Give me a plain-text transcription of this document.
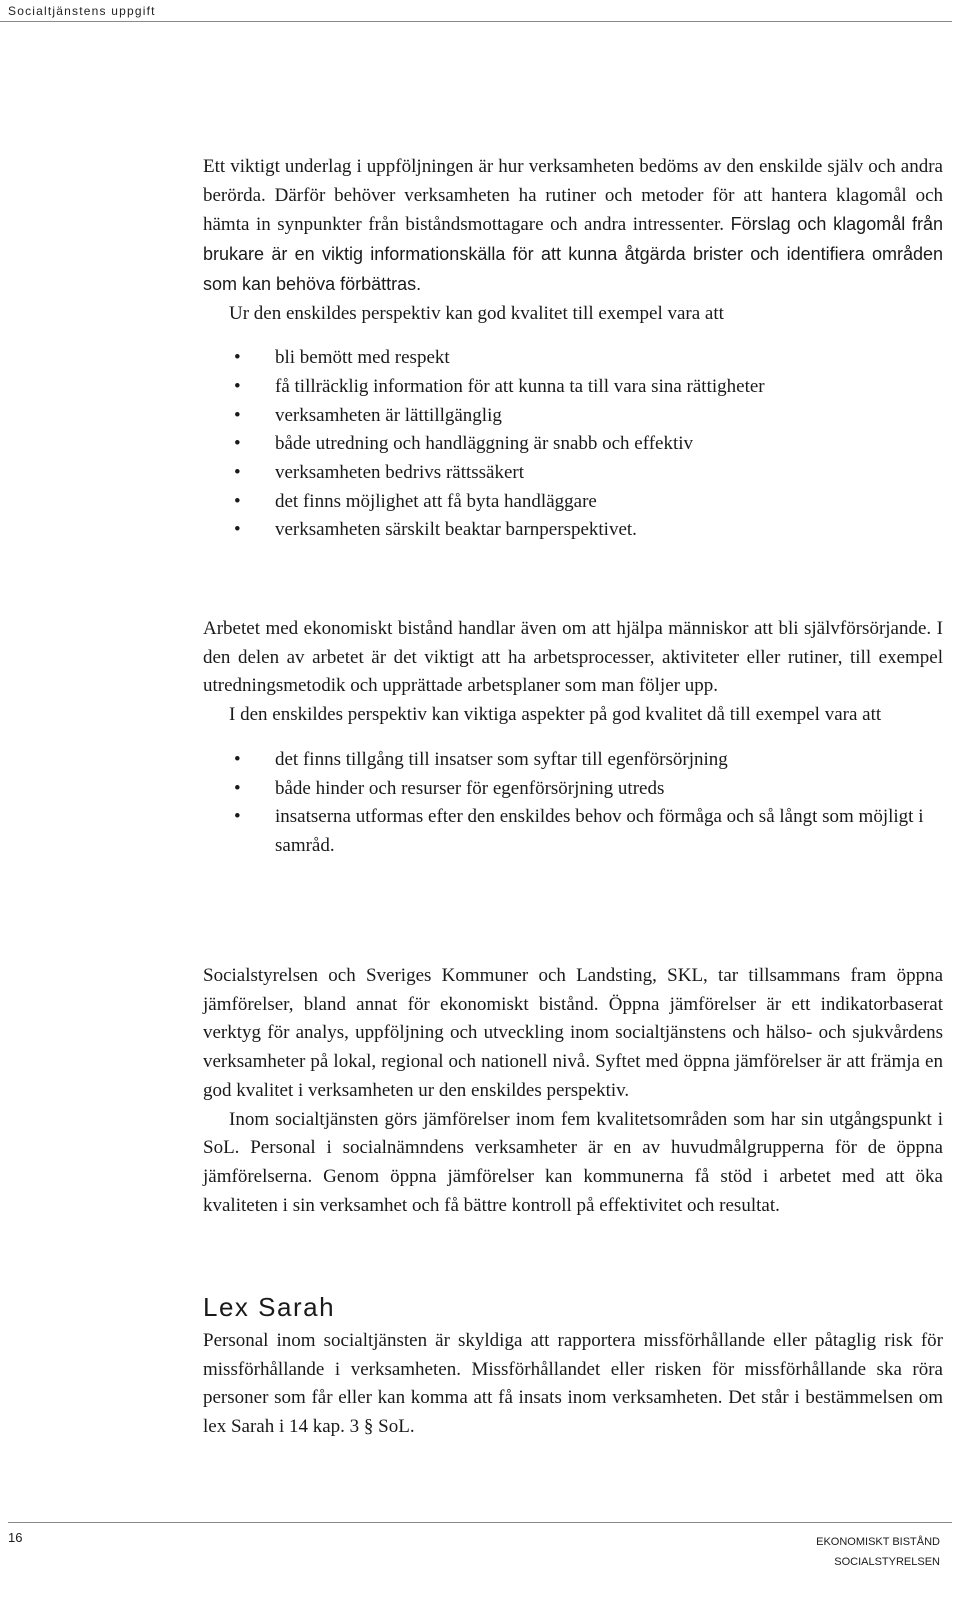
Socialtjänstens uppgift

Ett viktigt underlag i uppföljningen är hur verksamheten bedöms av den enskilde själv och andra berörda. Därför behöver verksamheten ha rutiner och metoder för att hantera klagomål och hämta in synpunkter från biståndsmottagare och andra intressenter. Förslag och klagomål från brukare är en viktig informationskälla för att kunna åtgärda brister och identifiera områden som kan behöva förbättras.

Ur den enskildes perspektiv kan god kvalitet till exempel vara att

• bli bemött med respekt
• få tillräcklig information för att kunna ta till vara sina rättigheter
• verksamheten är lättillgänglig
• både utredning och handläggning är snabb och effektiv
• verksamheten bedrivs rättssäkert
• det finns möjlighet att få byta handläggare
• verksamheten särskilt beaktar barnperspektivet.

Arbetet med ekonomiskt bistånd handlar även om att hjälpa människor att bli självförsörjande. I den delen av arbetet är det viktigt att ha arbetsprocesser, aktiviteter eller rutiner, till exempel utredningsmetodik och upprättade arbetsplaner som man följer upp.

I den enskildes perspektiv kan viktiga aspekter på god kvalitet då till exempel vara att

• det finns tillgång till insatser som syftar till egenförsörjning
• både hinder och resurser för egenförsörjning utreds
• insatserna utformas efter den enskildes behov och förmåga och så långt som möjligt i samråd.

Socialstyrelsen och Sveriges Kommuner och Landsting, SKL, tar tillsammans fram öppna jämförelser, bland annat för ekonomiskt bistånd. Öppna jämförelser är ett indikatorbaserat verktyg för analys, uppföljning och utveckling inom socialtjänstens och hälso- och sjukvårdens verksamheter på lokal, regional och nationell nivå. Syftet med öppna jämförelser är att främja en god kvalitet i verksamheten ur den enskildes perspektiv.

Inom socialtjänsten görs jämförelser inom fem kvalitetsområden som har sin utgångspunkt i SoL. Personal i socialnämndens verksamheter är en av huvudmålgrupperna för de öppna jämförelserna. Genom öppna jämförelser kan kommunerna få stöd i arbetet med att öka kvaliteten i sin verksamhet och få bättre kontroll på effektivitet och resultat.

Lex Sarah

Personal inom socialtjänsten är skyldiga att rapportera missförhållande eller påtaglig risk för missförhållande i verksamheten. Missförhållandet eller risken för missförhållande ska röra personer som får eller kan komma att få insats inom verksamheten. Det står i bestämmelsen om lex Sarah i 14 kap. 3 § SoL.

16	EKONOMISKT BISTÅND
SOCIALSTYRELSEN
